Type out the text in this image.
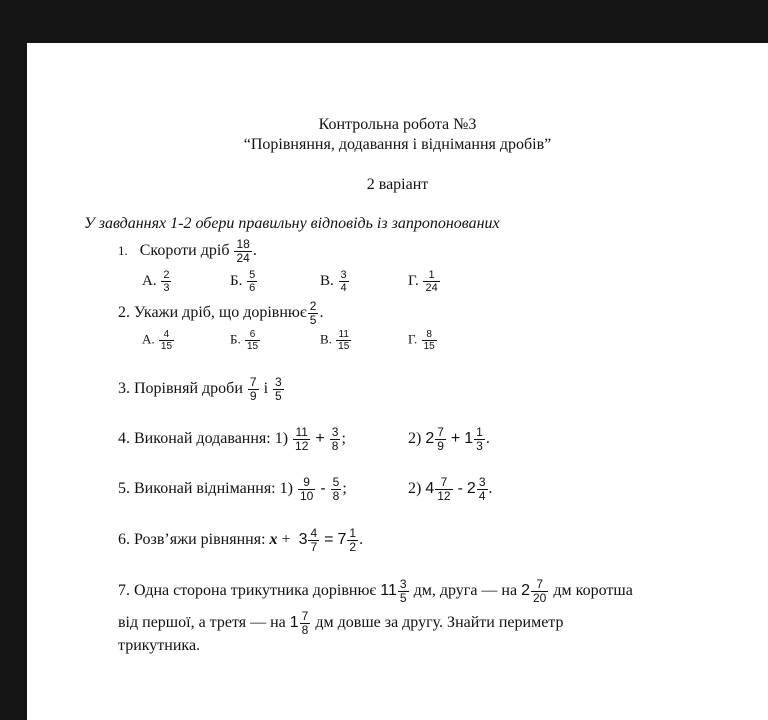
Контрольна робота №3
“Порівняння, додавання і віднімання дробів”
2 варіант
У завданнях 1-2 обери правильну відповідь із запропонованих
1. Скороти дріб $\frac{18}{24}$ .
А. $\frac{2}{3}$	Б. $\frac{5}{6}$	В. $\frac{3}{4}$	Г. $\frac{1}{24}$
2. Укажи дріб, що дорівнює $\frac{2}{5}$ .
А. $\frac{4}{15}$	Б. $\frac{6}{15}$	В. $\frac{11}{15}$	Г. $\frac{8}{15}$
3. Порівняй дроби $\frac{7}{9}$ і $\frac{3}{5}$
4. Виконай додавання: $1) \frac{11}{12} + \frac{3}{8}$ ;	2) $2 \frac{7}{9} + 1 \frac{1}{3}$ .
5. Виконай віднімання: $1) \frac{9}{10} - \frac{5}{8}$ ;	2) $4 \frac{7}{12} - 2 \frac{3}{4}$ .
6. Розв’яжи рівняння: $x + 3 \frac{4}{7} = 7 \frac{1}{2}$ .
7. Одна сторона трикутника дорівнює $11 \frac{3}{5}$ дм, друга — на $2 \frac{7}{20}$ дм коротша
від першої, а третя — на $1 \frac{7}{8}$ дм довше за другу. Знайти периметр
трикутника.
